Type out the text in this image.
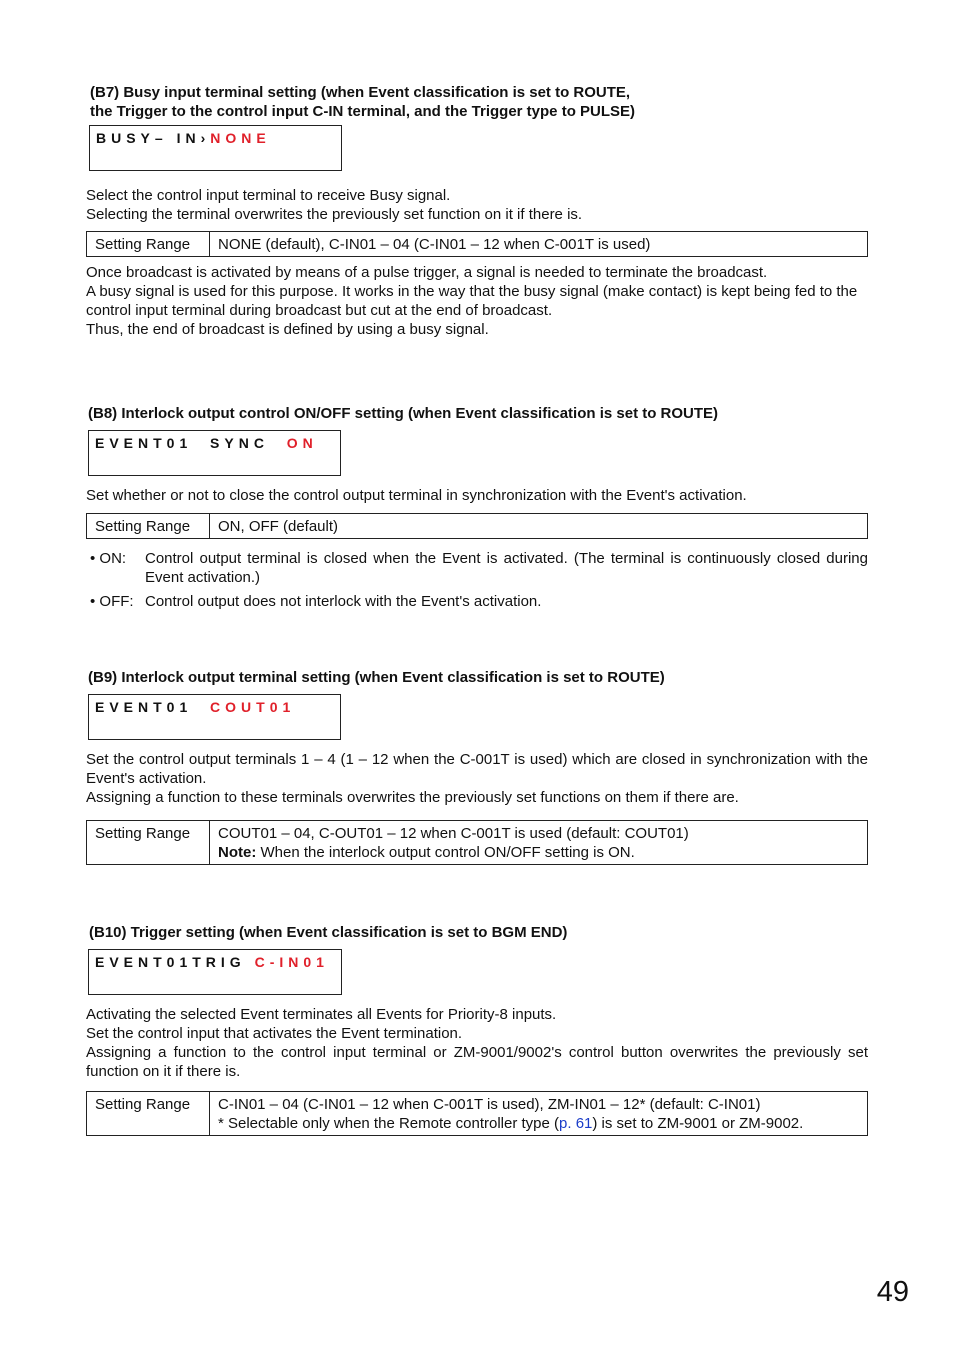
(B7) Busy input terminal setting (when Event classification is set to ROUTE,
the Trigger to the control input C-IN terminal, and the Trigger type to PULSE)
BUSY– IN›NONE
Select the control input terminal to receive Busy signal.
Selecting the terminal overwrites the previously set function on it if there is.
Setting Range	NONE (default), C-IN01 – 04 (C-IN01 – 12 when C-001T is used)
Once broadcast is activated by means of a pulse trigger, a signal is needed to terminate the broadcast.
A busy signal is used for this purpose. It works in the way that the busy signal (make contact) is kept being fed to the control input terminal during broadcast but cut at the end of broadcast.
Thus, the end of broadcast is defined by using a busy signal.
(B8) Interlock output control ON/OFF setting (when Event classification is set to ROUTE)
EVENT01  SYNC  ON
Set whether or not to close the control output terminal in synchronization with the Event's activation.
Setting Range	ON, OFF (default)
• ON: Control output terminal is closed when the Event is activated. (The terminal is continuously closed during Event activation.)
• OFF: Control output does not interlock with the Event's activation.
(B9) Interlock output terminal setting (when Event classification is set to ROUTE)
EVENT01  COUT01
Set the control output terminals 1 – 4 (1 – 12 when the C-001T is used) which are closed in synchronization with the Event's activation.
Assigning a function to these terminals overwrites the previously set functions on them if there are.
Setting Range	COUT01 – 04, C-OUT01 – 12 when C-001T is used (default: COUT01)
Note: When the interlock output control ON/OFF setting is ON.
(B10) Trigger setting (when Event classification is set to BGM END)
EVENT01TRIG C-IN01
Activating the selected Event terminates all Events for Priority-8 inputs.
Set the control input that activates the Event termination.
Assigning a function to the control input terminal or ZM-9001/9002's control button overwrites the previously set function on it if there is.
Setting Range	C-IN01 – 04 (C-IN01 – 12 when C-001T is used), ZM-IN01 – 12* (default: C-IN01)
* Selectable only when the Remote controller type (p. 61) is set to ZM-9001 or ZM-9002.
49
